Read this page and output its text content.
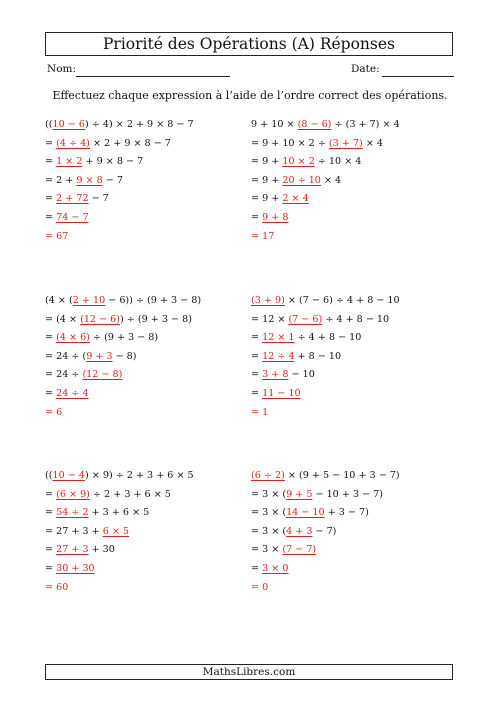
Priorité des Opérations (A) Réponses
Nom:	Date:
Effectuez chaque expression à l’aide de l’ordre correct des opérations.
((10 − 6) ÷ 4) × 2 + 9 × 8 − 7
= (4 ÷ 4) × 2 + 9 × 8 − 7
= 1 × 2 + 9 × 8 − 7
= 2 + 9 × 8 − 7
= 2 + 72 − 7
= 74 − 7
= 67
9 + 10 × (8 − 6) ÷ (3 + 7) × 4
= 9 + 10 × 2 ÷ (3 + 7) × 4
= 9 + 10 × 2 ÷ 10 × 4
= 9 + 20 ÷ 10 × 4
= 9 + 2 × 4
= 9 + 8
= 17
(4 × (2 + 10 − 6)) ÷ (9 + 3 − 8)
= (4 × (12 − 6)) ÷ (9 + 3 − 8)
= (4 × 6) ÷ (9 + 3 − 8)
= 24 ÷ (9 + 3 − 8)
= 24 ÷ (12 − 8)
= 24 ÷ 4
= 6
(3 + 9) × (7 − 6) ÷ 4 + 8 − 10
= 12 × (7 − 6) ÷ 4 + 8 − 10
= 12 × 1 ÷ 4 + 8 − 10
= 12 ÷ 4 + 8 − 10
= 3 + 8 − 10
= 11 − 10
= 1
((10 − 4) × 9) ÷ 2 + 3 + 6 × 5
= (6 × 9) ÷ 2 + 3 + 6 × 5
= 54 ÷ 2 + 3 + 6 × 5
= 27 + 3 + 6 × 5
= 27 + 3 + 30
= 30 + 30
= 60
(6 ÷ 2) × (9 + 5 − 10 + 3 − 7)
= 3 × (9 + 5 − 10 + 3 − 7)
= 3 × (14 − 10 + 3 − 7)
= 3 × (4 + 3 − 7)
= 3 × (7 − 7)
= 3 × 0
= 0
MathsLibres.com
